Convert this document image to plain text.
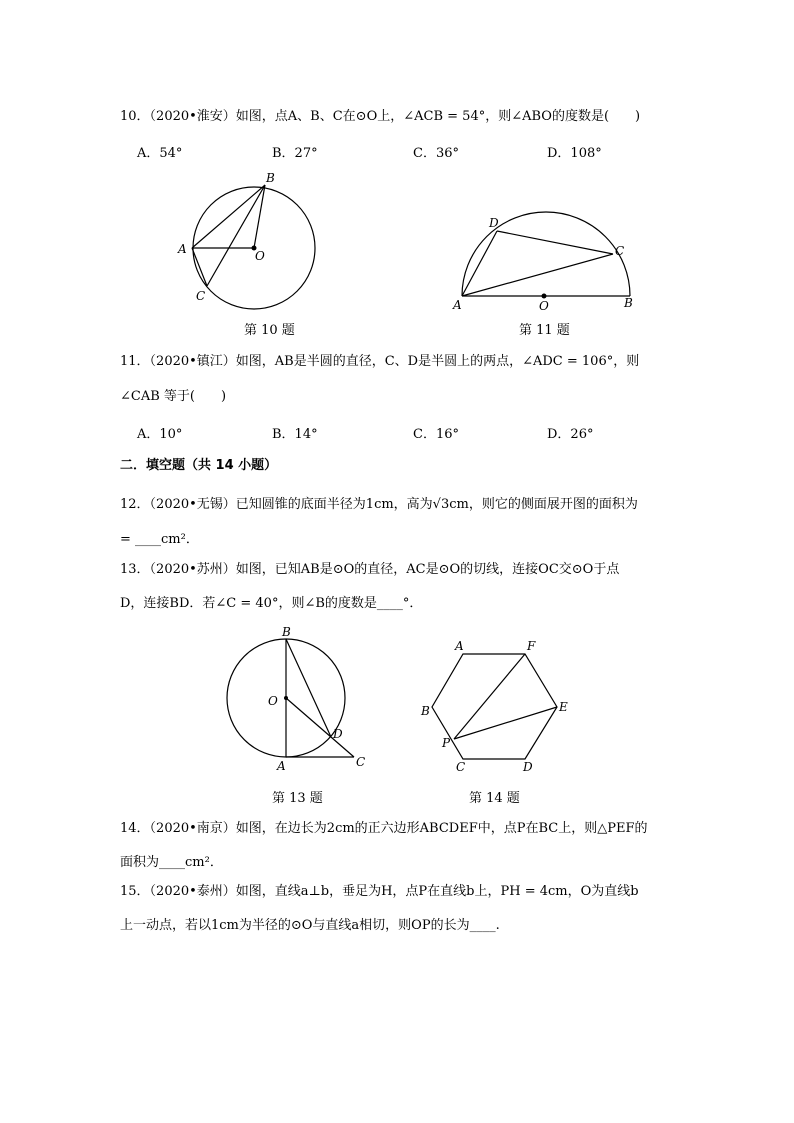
10．（2020•淮安）如图，点A、B、C在⊙O上，∠ACB = 54°，则∠ABO的度数是(　　)
A．54°	B．27°	C．36°	D．108°
B
A	O
C
第 10 题
D
C
A	O	B
第 11 题
11．（2020•镇江）如图，AB是半圆的直径，C、D是半圆上的两点，∠ADC = 106°，则
∠CAB 等于(　　)
A．10°	B．14°	C．16°	D．26°
二．填空题（共 14 小题）
12．（2020•无锡）已知圆锥的底面半径为1cm，高为√3cm，则它的侧面展开图的面积为
= ____cm²．
13．（2020•苏州）如图，已知AB是⊙O的直径，AC是⊙O的切线，连接OC交⊙O于点
D，连接BD．若∠C = 40°，则∠B的度数是____°．
B
O
D
A	C
第 13 题
A	F
B	E
P
C	D
第 14 题
14．（2020•南京）如图，在边长为2cm的正六边形ABCDEF中，点P在BC上，则△PEF的
面积为____cm²．
15．（2020•泰州）如图，直线a⊥b，垂足为H，点P在直线b上，PH = 4cm，O为直线b
上一动点，若以1cm为半径的⊙O与直线a相切，则OP的长为____.
